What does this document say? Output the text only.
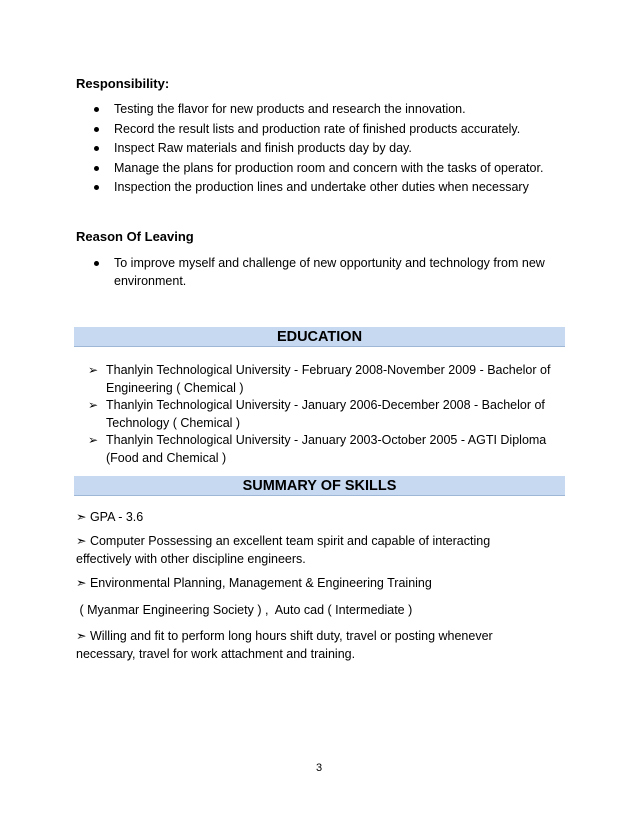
Responsibility:
Testing the flavor for new products and research the innovation.
Record the result lists and production rate of finished products accurately.
Inspect Raw materials and finish products day by day.
Manage the plans for production room and concern with the tasks of operator.
Inspection the production lines and undertake other duties when necessary
Reason Of Leaving
To improve myself and challenge of new opportunity and technology from new environment.
EDUCATION
➢ Thanlyin Technological University - February 2008-November 2009 - Bachelor of Engineering ( Chemical )
➢ Thanlyin Technological University - January 2006-December 2008 - Bachelor of Technology ( Chemical )
➢ Thanlyin Technological University - January 2003-October 2005 - AGTI Diploma (Food and Chemical )
SUMMARY OF SKILLS
➣ GPA - 3.6
➣ Computer Possessing an excellent team spirit and capable of interacting effectively with other discipline engineers.
➣ Environmental Planning, Management & Engineering Training
( Myanmar Engineering Society ) ,  Auto cad ( Intermediate )
➣ Willing and fit to perform long hours shift duty, travel or posting whenever necessary, travel for work attachment and training.
3
